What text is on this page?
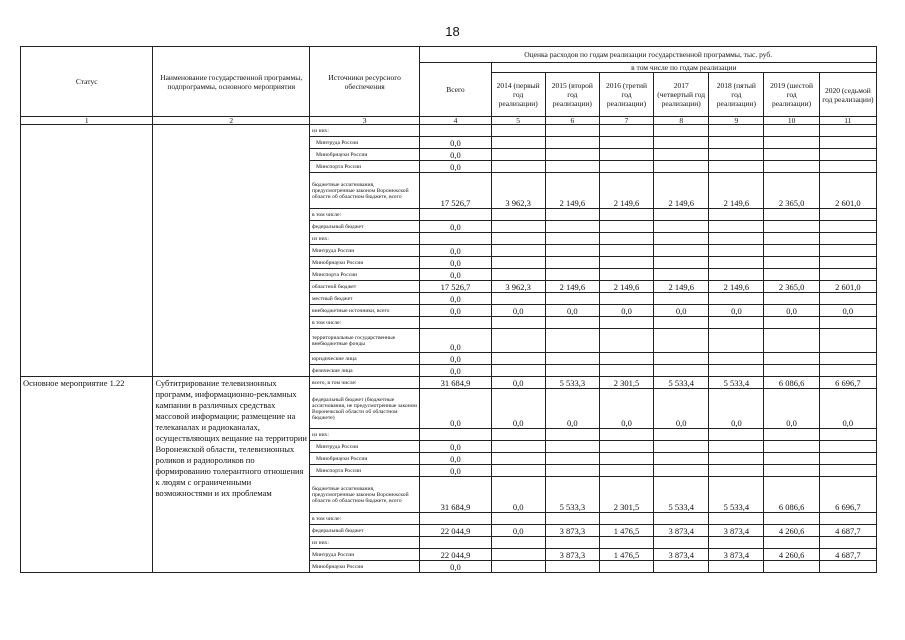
18
Статус	Наименование государственной программы, подпрограммы, основного мероприятия	Источники ресурсного обеспечения	Оценка расходов по годам реализации государственной программы, тыс. руб.							
			Всего	в том числе по годам реализации						
				2014 (первый год реализации)	2015 (второй год реализации)	2016 (третий год реализации)	2017 (четвертый год реализации)	2018 (пятый год реализации)	2019 (шестой год реализации)	2020 (седьмой год реализации)
1	2	3	4	5	6	7	8	9	10	11
		из них:								
		Минтруда России	0,0							
		Минобрнауки России	0,0							
		Минспорта России	0,0							
		бюджетные ассигнования, предусмотренные законом Воронежской области об областном бюджете, всего	17 526,7	3 962,3	2 149,6	2 149,6	2 149,6	2 149,6	2 365,0	2 601,0
		в том числе:								
		федеральный бюджет	0,0							
		из них:								
		Минтруда России	0,0							
		Минобрнауки России	0,0							
		Минспорта России	0,0							
		областной бюджет	17 526,7	3 962,3	2 149,6	2 149,6	2 149,6	2 149,6	2 365,0	2 601,0
		местный бюджет	0,0							
		внебюджетные источники, всего	0,0	0,0	0,0	0,0	0,0	0,0	0,0	0,0
		в том числе:								
		территориальные государственные внебюджетные фонды	0,0							
		юридические лица	0,0							
		физические лица	0,0							
Основное мероприятие 1.22	Субтитрирование телевизионных программ, информационно-рекламных кампании в различных средствах массовой информации; размещение на телеканалах и радиоканалах, осуществляющих вещание на территории Воронежской области, телевизионных роликов и радиороликов по формированию толерантного отношения к людям с ограниченными возможностями и их проблемам	всего, в том числе:	31 684,9	0,0	5 533,3	2 301,5	5 533,4	5 533,4	6 086,6	6 696,7
		федеральный бюджет (бюджетные ассигнования, не предусмотренные законом Воронежской области об областном бюджете)	0,0	0,0	0,0	0,0	0,0	0,0	0,0	0,0
		из них:								
		Минтруда России	0,0							
		Минобрнауки России	0,0							
		Минспорта России	0,0							
		бюджетные ассигнования, предусмотренные законом Воронежской области об областном бюджете, всего	31 684,9	0,0	5 533,3	2 301,5	5 533,4	5 533,4	6 086,6	6 696,7
		в том числе:								
		федеральный бюджет	22 044,9	0,0	3 873,3	1 476,5	3 873,4	3 873,4	4 260,6	4 687,7
		из них:								
		Минтруда России	22 044,9		3 873,3	1 476,5	3 873,4	3 873,4	4 260,6	4 687,7
		Минобрнауки России	0,0							
